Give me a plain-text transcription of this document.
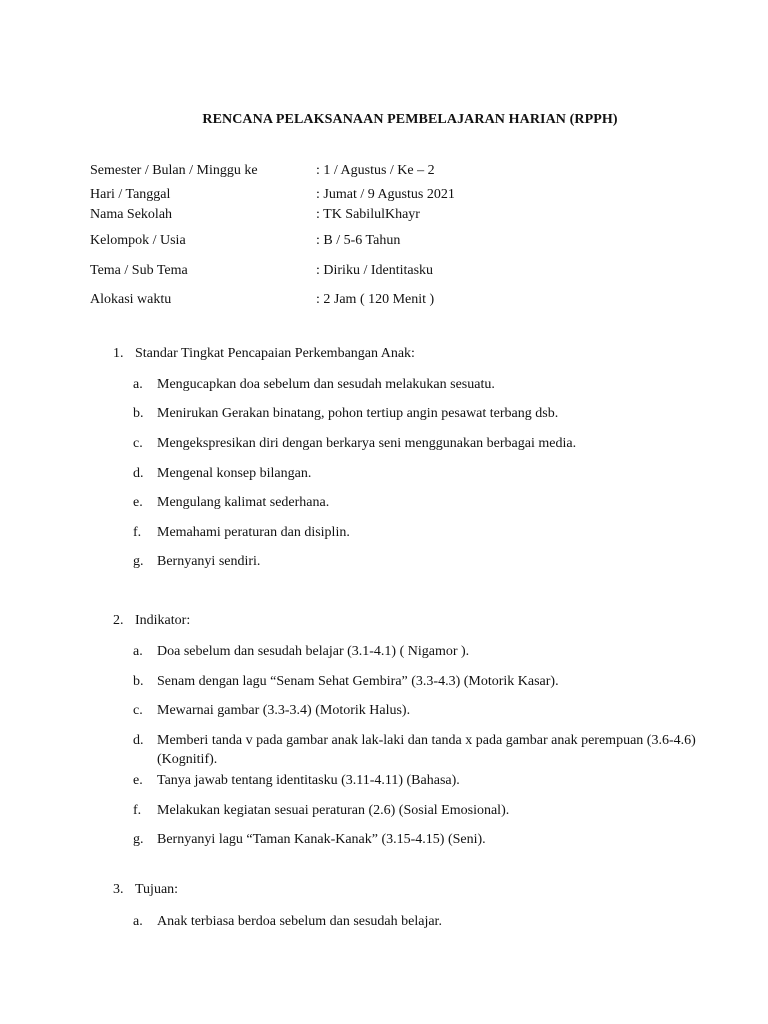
RENCANA PELAKSANAAN PEMBELAJARAN HARIAN (RPPH)
Semester / Bulan / Minggu ke	: 1 / Agustus / Ke – 2
Hari / Tanggal	: Jumat / 9 Agustus 2021
Nama Sekolah	: TK SabilulKhayr
Kelompok / Usia	: B / 5-6 Tahun
Tema / Sub Tema	: Diriku / Identitasku
Alokasi waktu	: 2 Jam ( 120 Menit )
1. Standar Tingkat Pencapaian Perkembangan Anak:
a. Mengucapkan doa sebelum dan sesudah melakukan sesuatu.
b. Menirukan Gerakan binatang, pohon tertiup angin pesawat terbang dsb.
c. Mengekspresikan diri dengan berkarya seni menggunakan berbagai media.
d. Mengenal konsep bilangan.
e. Mengulang kalimat sederhana.
f. Memahami peraturan dan disiplin.
g. Bernyanyi sendiri.
2. Indikator:
a. Doa sebelum dan sesudah belajar (3.1-4.1) ( Nigamor ).
b. Senam dengan lagu “Senam Sehat Gembira” (3.3-4.3) (Motorik Kasar).
c. Mewarnai gambar (3.3-3.4) (Motorik Halus).
d. Memberi tanda v pada gambar anak lak-laki dan tanda x pada gambar anak perempuan (3.6-4.6) (Kognitif).
e. Tanya jawab tentang identitasku (3.11-4.11) (Bahasa).
f. Melakukan kegiatan sesuai peraturan (2.6) (Sosial Emosional).
g. Bernyanyi lagu “Taman Kanak-Kanak” (3.15-4.15) (Seni).
3. Tujuan:
a. Anak terbiasa berdoa sebelum dan sesudah belajar.
